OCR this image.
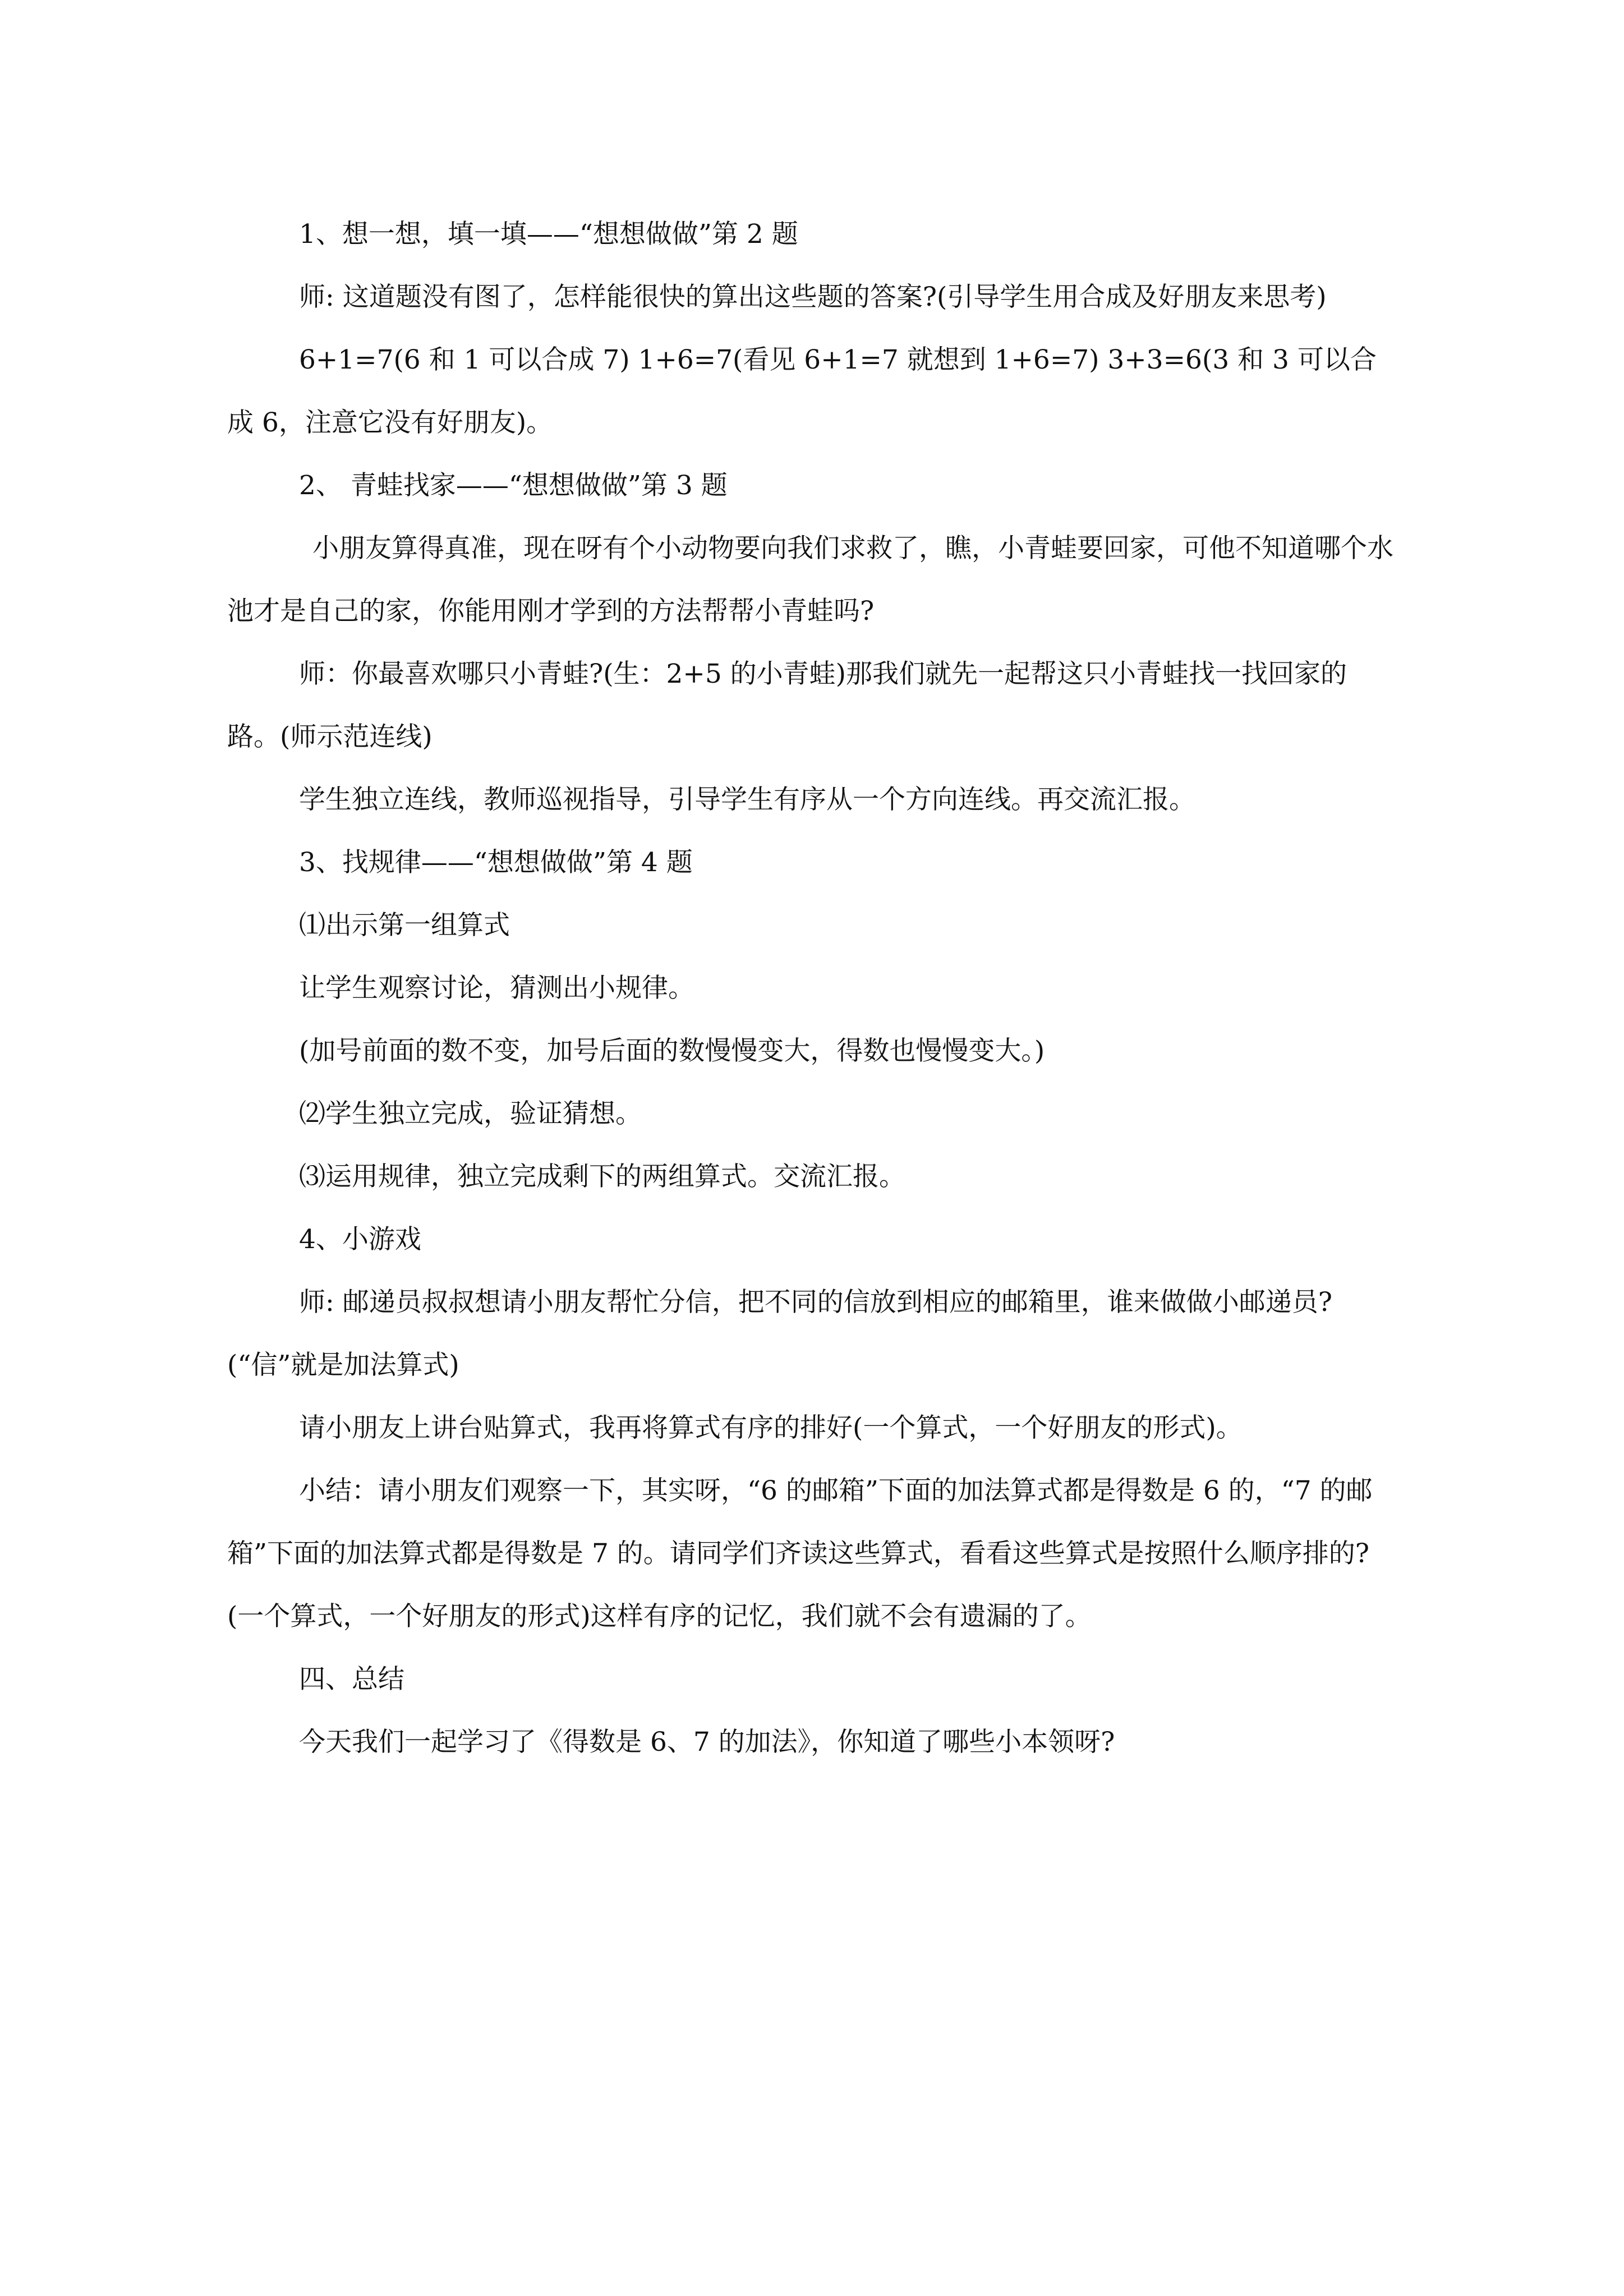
1、想一想，填一填——“想想做做”第 2 题

师: 这道题没有图了，怎样能很快的算出这些题的答案?(引导学生用合成及好朋友来思考)

6+1=7(6 和 1 可以合成 7) 1+6=7(看见 6+1=7 就想到 1+6=7) 3+3=6(3 和 3 可以合成 6，注意它没有好朋友)。

2、 青蛙找家——“想想做做”第 3 题

小朋友算得真准，现在呀有个小动物要向我们求救了，瞧，小青蛙要回家，可他不知道哪个水池才是自己的家，你能用刚才学到的方法帮帮小青蛙吗?

师：你最喜欢哪只小青蛙?(生：2+5 的小青蛙)那我们就先一起帮这只小青蛙找一找回家的路。(师示范连线)

学生独立连线，教师巡视指导，引导学生有序从一个方向连线。再交流汇报。

3、找规律——“想想做做”第 4 题

⑴出示第一组算式

让学生观察讨论，猜测出小规律。

(加号前面的数不变，加号后面的数慢慢变大，得数也慢慢变大。)

⑵学生独立完成，验证猜想。

⑶运用规律，独立完成剩下的两组算式。交流汇报。

4、小游戏

师: 邮递员叔叔想请小朋友帮忙分信，把不同的信放到相应的邮箱里，谁来做做小邮递员?(“信”就是加法算式)

请小朋友上讲台贴算式，我再将算式有序的排好(一个算式，一个好朋友的形式)。

小结：请小朋友们观察一下，其实呀，“6 的邮箱”下面的加法算式都是得数是 6 的，“7 的邮箱”下面的加法算式都是得数是 7 的。请同学们齐读这些算式，看看这些算式是按照什么顺序排的?(一个算式，一个好朋友的形式)这样有序的记忆，我们就不会有遗漏的了。

四、总结

今天我们一起学习了《得数是 6、7 的加法》，你知道了哪些小本领呀?
